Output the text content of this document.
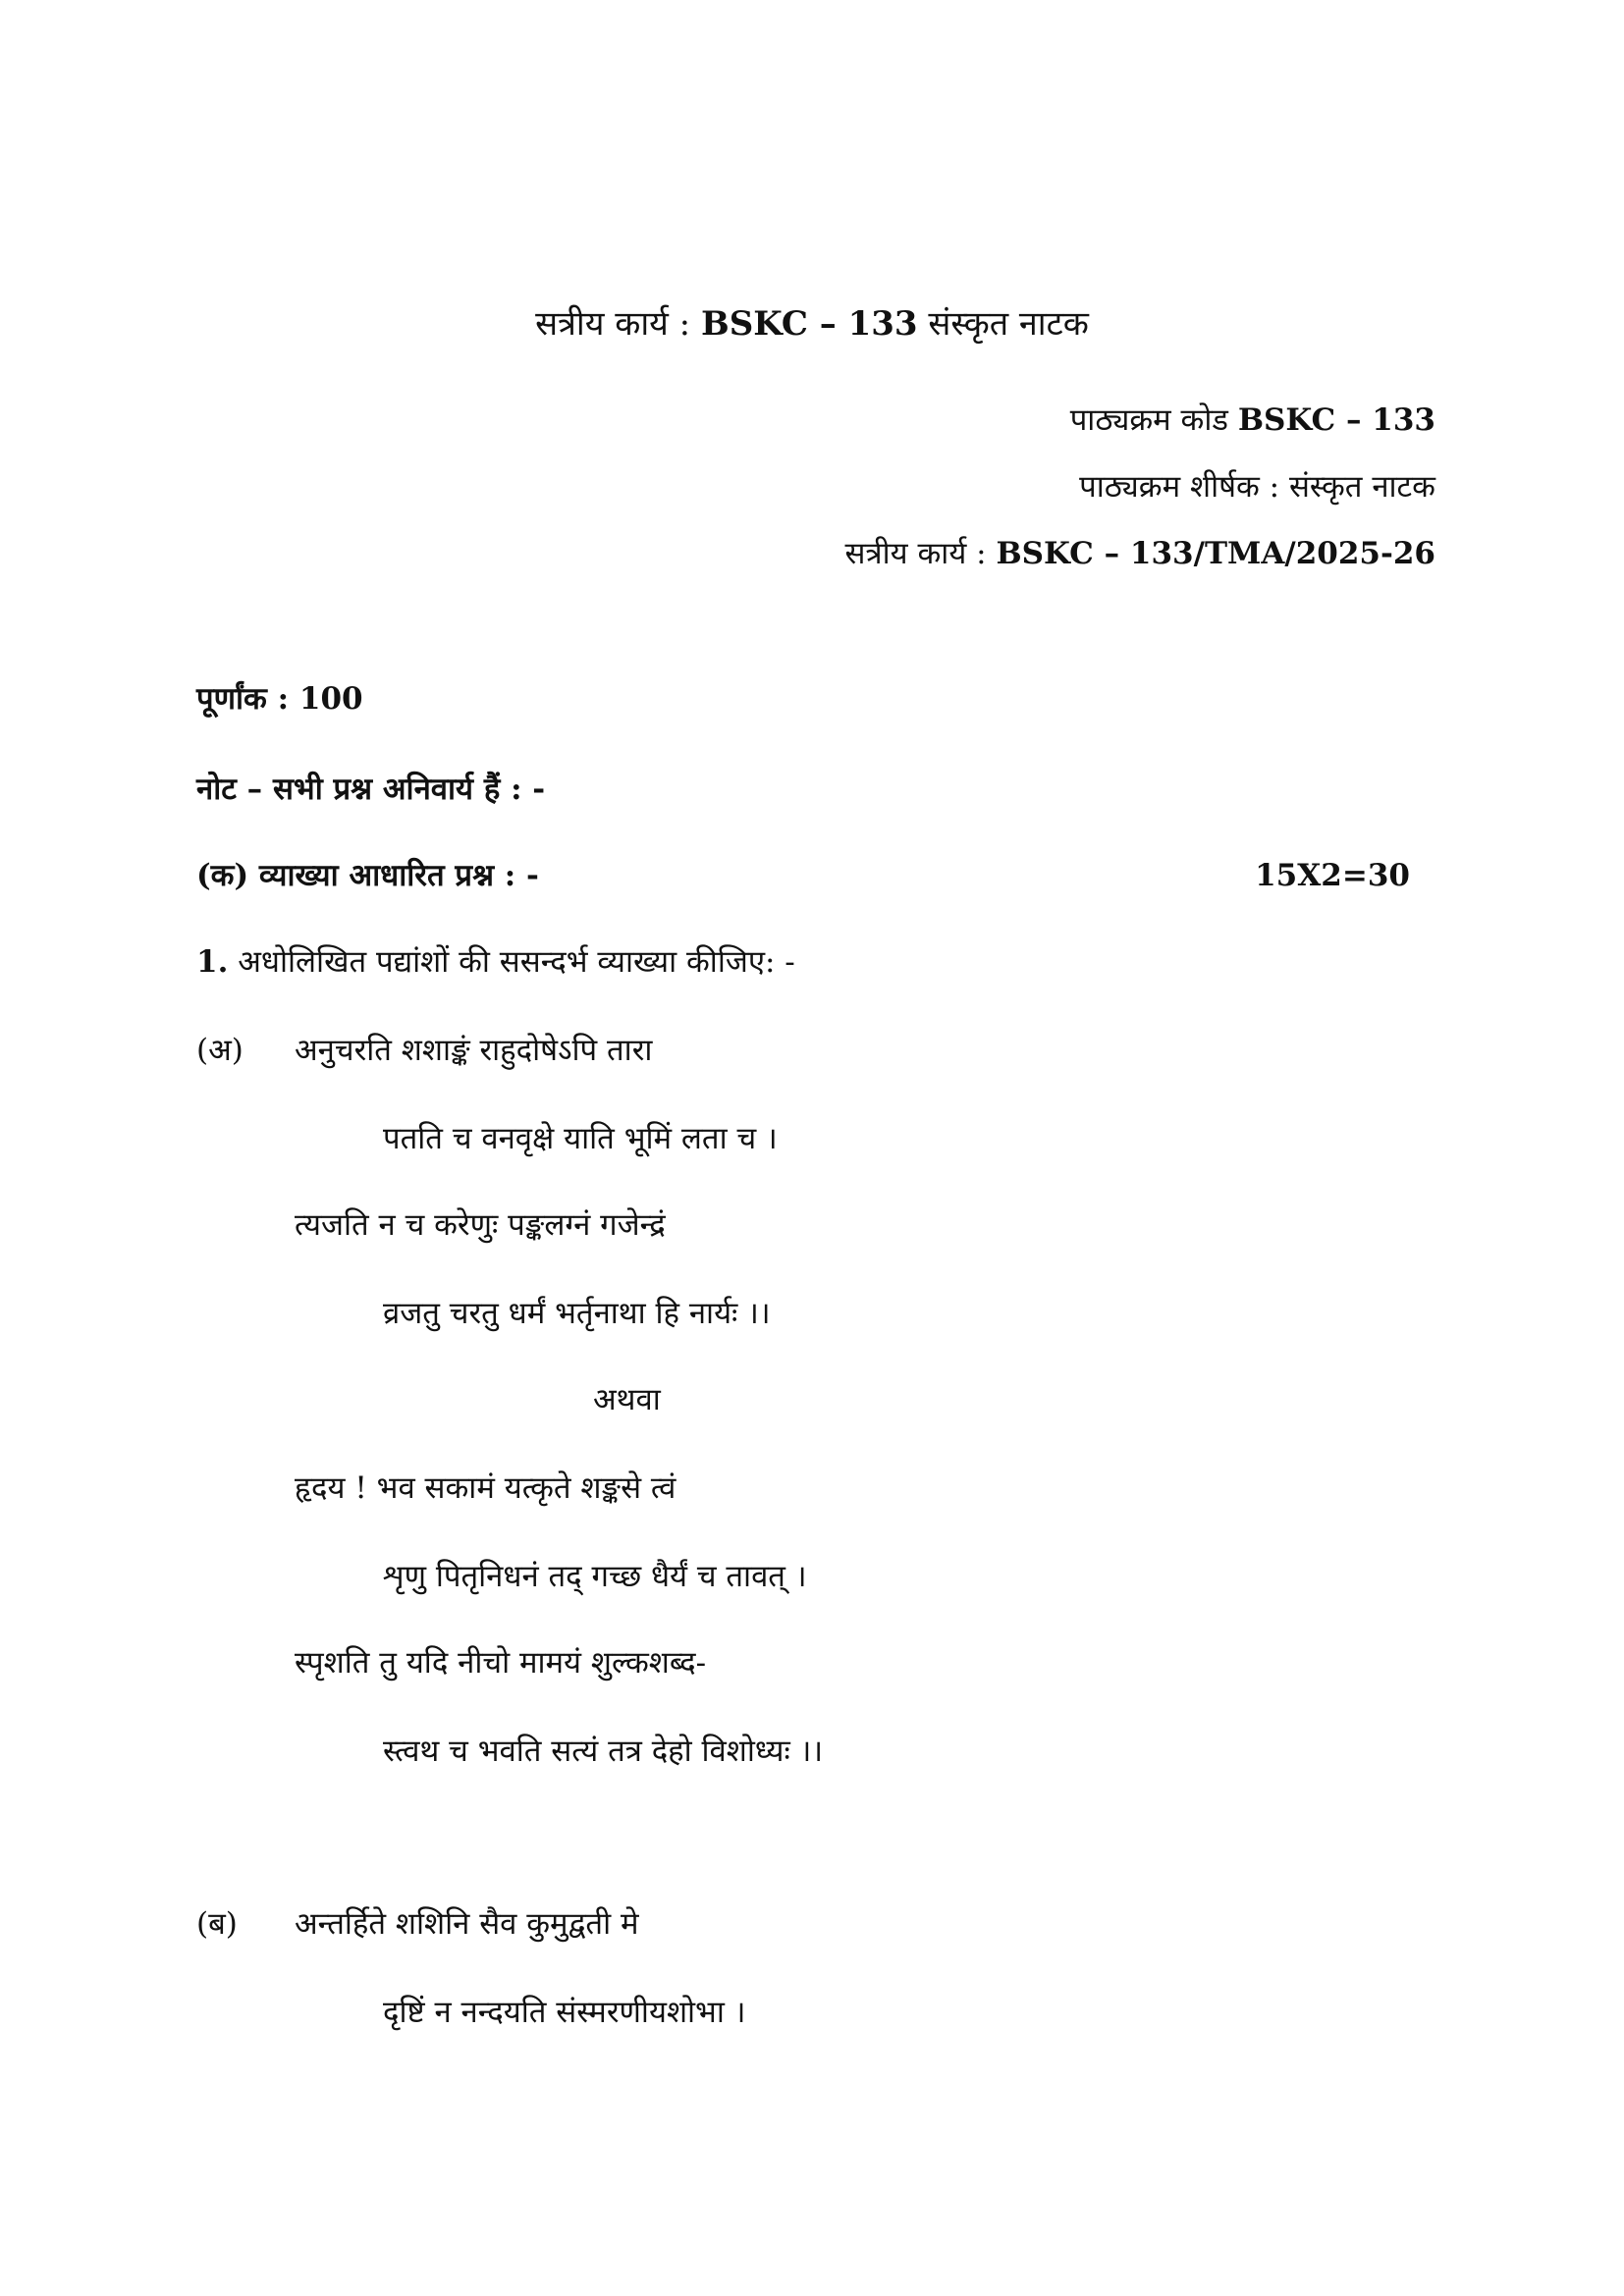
सत्रीय कार्य : BSKC – 133 संस्कृत नाटक
पाठ्यक्रम कोड BSKC – 133
पाठ्यक्रम शीर्षक : संस्कृत नाटक
सत्रीय कार्य : BSKC – 133/TMA/2025-26
पूर्णांक : 100
नोट – सभी प्रश्न अनिवार्य हैं : -
(क) व्याख्या आधारित प्रश्न : -	15X2=30
1. अधोलिखित पद्यांशों की ससन्दर्भ व्याख्या कीजिए: -
(अ) अनुचरति शशाङ्कं राहुदोषेऽपि तारा
पतति च वनवृक्षे याति भूमिं लता च ।
त्यजति न च करेणुः पङ्कलग्नं गजेन्द्रं
व्रजतु चरतु धर्मं भर्तृनाथा हि नार्यः ।।
अथवा
हृदय ! भव सकामं यत्कृते शङ्कसे त्वं
शृणु पितृनिधनं तद् गच्छ धैर्यं च तावत् ।
स्पृशति तु यदि नीचो मामयं शुल्कशब्द-
स्त्वथ च भवति सत्यं तत्र देहो विशोध्यः ।।
(ब) अन्तर्हिते शशिनि सैव कुमुद्वती मे
दृष्टिं न नन्दयति संस्मरणीयशोभा ।
